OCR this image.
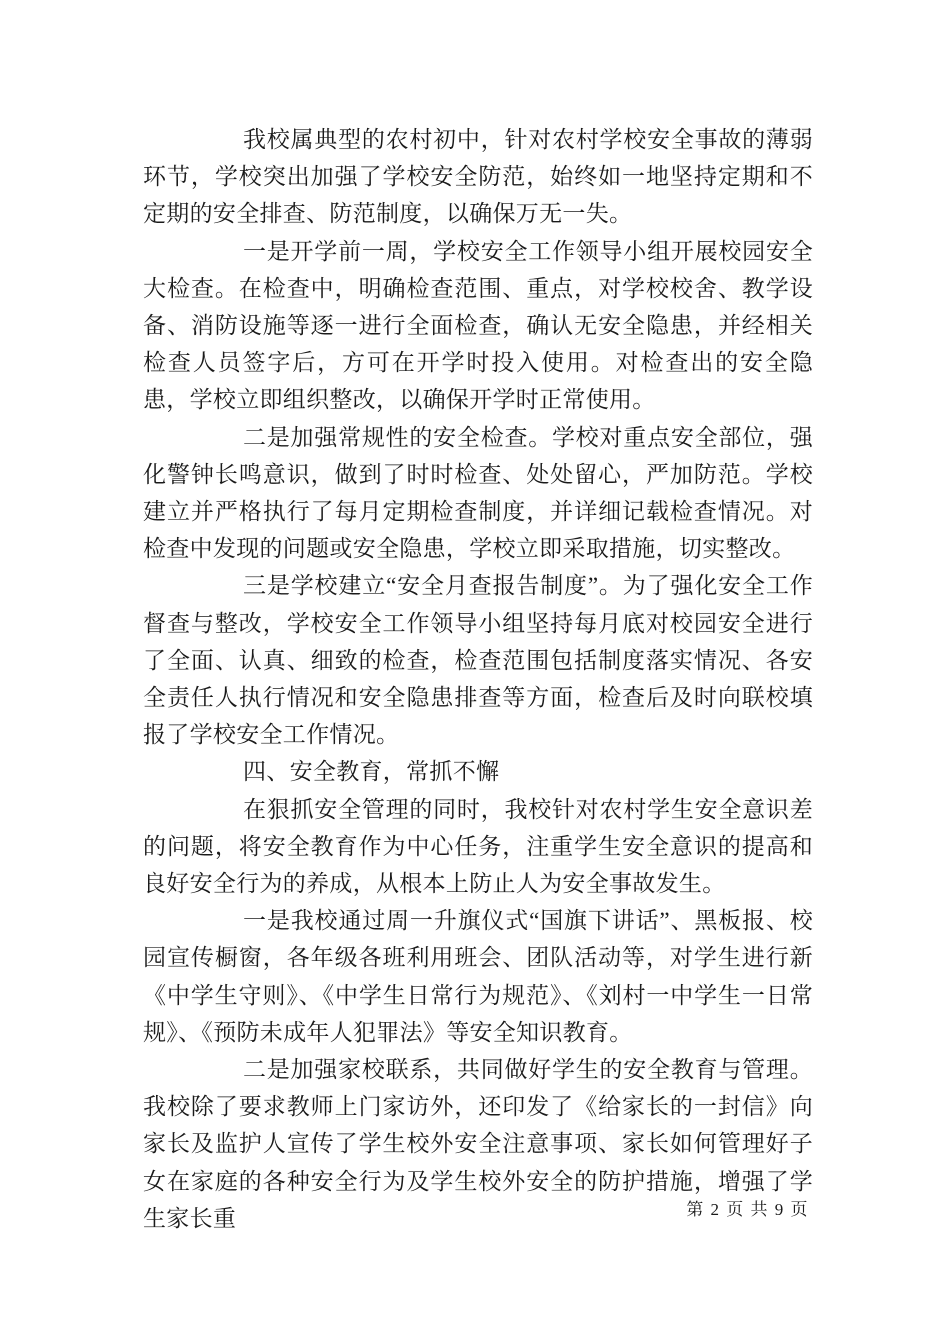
我校属典型的农村初中，针对农村学校安全事故的薄弱环节，学校突出加强了学校安全防范，始终如一地坚持定期和不定期的安全排查、防范制度，以确保万无一失。

一是开学前一周，学校安全工作领导小组开展校园安全大检查。在检查中，明确检查范围、重点，对学校校舍、教学设备、消防设施等逐一进行全面检查，确认无安全隐患，并经相关检查人员签字后，方可在开学时投入使用。对检查出的安全隐患，学校立即组织整改，以确保开学时正常使用。

二是加强常规性的安全检查。学校对重点安全部位，强化警钟长鸣意识，做到了时时检查、处处留心，严加防范。学校建立并严格执行了每月定期检查制度，并详细记载检查情况。对检查中发现的问题或安全隐患，学校立即采取措施，切实整改。

三是学校建立“安全月查报告制度”。为了强化安全工作督查与整改，学校安全工作领导小组坚持每月底对校园安全进行了全面、认真、细致的检查，检查范围包括制度落实情况、各安全责任人执行情况和安全隐患排查等方面，检查后及时向联校填报了学校安全工作情况。

四、安全教育，常抓不懈

在狠抓安全管理的同时，我校针对农村学生安全意识差的问题，将安全教育作为中心任务，注重学生安全意识的提高和良好安全行为的养成，从根本上防止人为安全事故发生。

一是我校通过周一升旗仪式“国旗下讲话”、黑板报、校园宣传橱窗，各年级各班利用班会、团队活动等，对学生进行新《中学生守则》、《中学生日常行为规范》、《刘村一中学生一日常规》、《预防未成年人犯罪法》等安全知识教育。

二是加强家校联系，共同做好学生的安全教育与管理。我校除了要求教师上门家访外，还印发了《给家长的一封信》向家长及监护人宣传了学生校外安全注意事项、家长如何管理好子女在家庭的各种安全行为及学生校外安全的防护措施，增强了学生家长重	第 2 页 共 9 页
